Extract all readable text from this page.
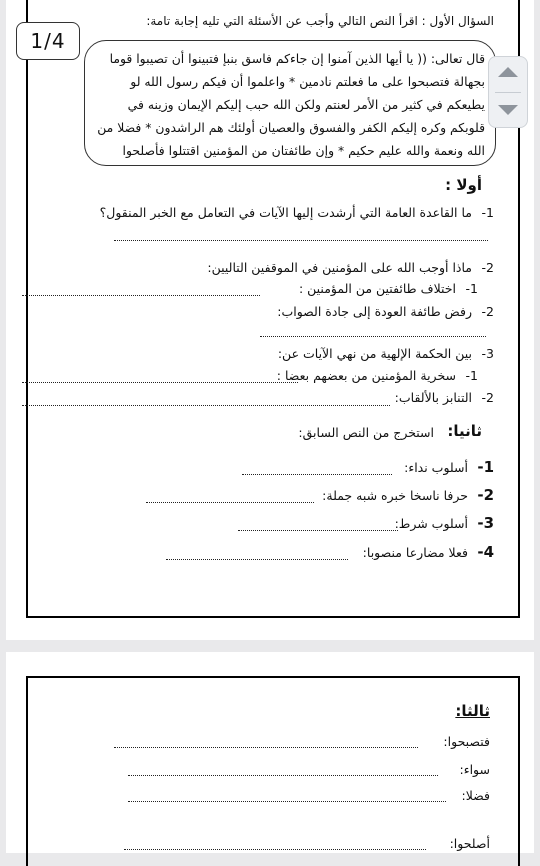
السؤال الأول : اقرأ النص التالي وأجب عن الأسئلة التي تليه إجابة تامة:
قال تعالى: (( يا أيها الذين آمنوا إن جاءكم فاسق بنبإ فتبينوا أن تصيبوا قوما
بجهالة فتصبحوا على ما فعلتم نادمين * واعلموا أن فيكم رسول الله لو
يطيعكم في كثير من الأمر لعنتم ولكن الله حبب إليكم الإيمان وزينه في
قلوبكم وكره إليكم الكفر والفسوق والعصيان أولئك هم الراشدون * فضلا من
الله ونعمة والله عليم حكيم * وإن طائفتان من المؤمنين اقتتلوا فأصلحوا
أولا :
1-
ما القاعدة العامة التي أرشدت إليها الآيات في التعامل مع الخبر المنقول؟
2-
ماذا أوجب الله على المؤمنين في الموقفين التاليين:
1-
اختلاف طائفتين من المؤمنين :
2-
رفض طائفة العودة إلى جادة الصواب:
3-
بين الحكمة الإلهية من نهي الآيات عن:
1-
سخرية المؤمنين من بعضهم بعضا :
2-
التنابز بالألقاب:
ثانيا:
استخرج من النص السابق:
1-
أسلوب نداء:
2-
حرفا ناسخا خبره شبه جملة:
3-
أسلوب شرط:
4-
فعلا مضارعا منصوبا:
1/4
ثالثا:
فتصبحوا:
سواء:
فضلا:
أصلحوا:
